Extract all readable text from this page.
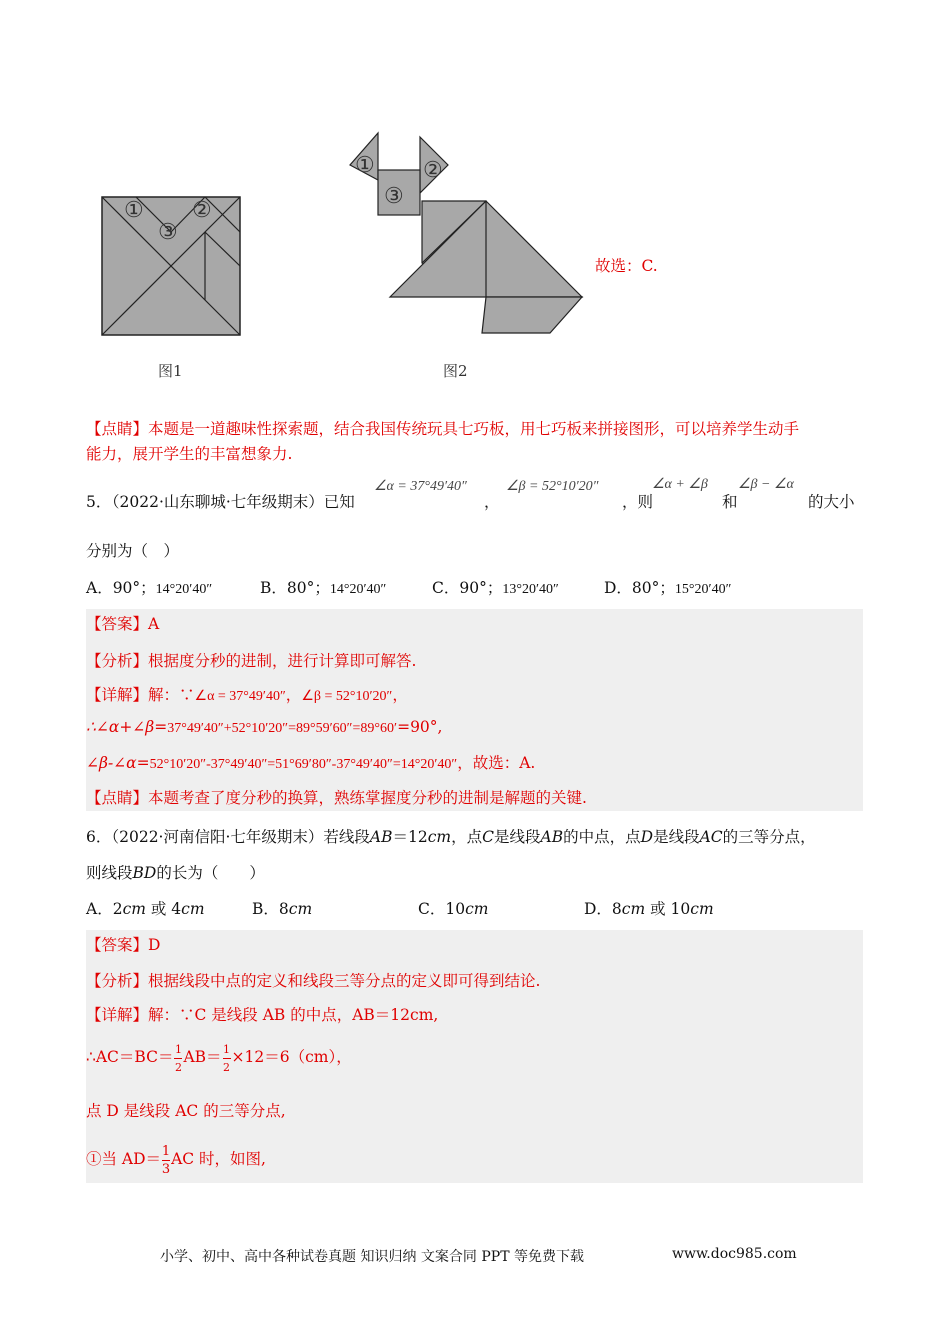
① ②
③
图1
① ②
③
图2
故选：C.
【点睛】本题是一道趣味性探索题，结合我国传统玩具七巧板，用七巧板来拼接图形，可以培养学生动手
能力，展开学生的丰富想象力.
5．
（2022·山东聊城·七年级期末）已知
∠α = 37°49′40″
，
∠β = 52°10′20″
，则
∠α + ∠β
和
∠β − ∠α
的大小
分别为（　）
A．90°；14°20′40″	B．80°；14°20′40″	C．90°；13°20′40″	D．80°；15°20′40″
【答案】A
【分析】根据度分秒的进制，进行计算即可解答.
【详解】解：∵∠α = 37°49′40″，∠β = 52°10′20″，
∴∠α+∠β=37°49′40″+52°10′20″=89°59′60″=89°60′=90°,
∠β-∠α=52°10′20″-37°49′40″=51°69′80″-37°49′40″=14°20′40″，故选：A.
【点睛】本题考查了度分秒的换算，熟练掌握度分秒的进制是解题的关键.
6．（2022·河南信阳·七年级期末）若线段AB＝12cm，点C是线段AB的中点，点D是线段AC的三等分点，
则线段BD的长为（　　）
A．2cm 或 4cm	B．8cm	C．10cm	D．8cm 或 10cm
【答案】D
【分析】根据线段中点的定义和线段三等分点的定义即可得到结论.
【详解】解：∵C 是线段 AB 的中点，AB＝12cm,
∴AC＝BC＝ $\frac{1}{2} AB= \frac{1}{2} \times 12=6(cm)$，
点 D 是线段 AC 的三等分点,
①当 $AD= \frac{1}{3}$ AC 时，如图,
小学、初中、高中各种试卷真题 知识归纳 文案合同 PPT 等免费下载	www.doc985.com
